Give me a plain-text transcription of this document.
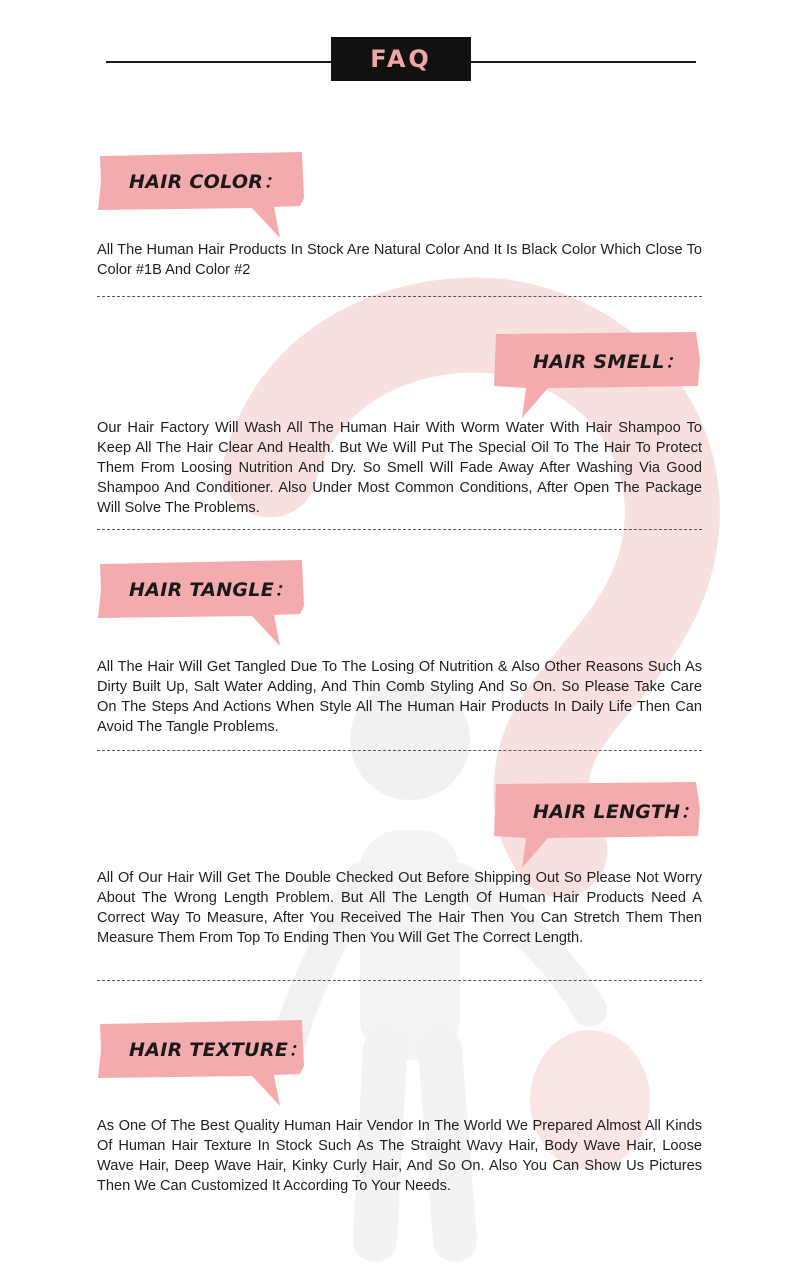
FAQ
HAIR COLOR：

All The Human Hair Products In Stock Are Natural Color And It Is Black Color Which Close To Color #1B And Color #2

HAIR SMELL：

Our Hair Factory Will Wash All The Human Hair With Worm Water With Hair Shampoo To Keep All The Hair Clear And Health. But We Will Put The Special Oil To The Hair To Protect Them From Loosing Nutrition And Dry. So Smell Will Fade Away After Washing Via Good Shampoo And Conditioner. Also Under Most Common Conditions, After Open The Package Will Solve The Problems.

HAIR TANGLE：

All The Hair Will Get Tangled Due To The Losing Of Nutrition & Also Other Reasons Such As Dirty Built Up, Salt Water Adding, And Thin Comb Styling And So On. So Please Take Care On The Steps And Actions When Style All The Human Hair Products In Daily Life Then Can Avoid The Tangle Problems.

HAIR LENGTH：

All Of Our Hair Will Get The Double Checked Out Before Shipping Out So Please Not Worry About The Wrong Length Problem. But All The Length Of Human Hair Products Need A Correct Way To Measure, After You Received The Hair Then You Can Stretch Them Then Measure Them From Top To Ending Then You Will Get The Correct Length.

HAIR TEXTURE：

As One Of The Best Quality Human Hair Vendor In The World We Prepared Almost All Kinds Of Human Hair Texture In Stock Such As The Straight Wavy Hair, Body Wave Hair, Loose Wave Hair, Deep Wave Hair, Kinky Curly Hair, And So On. Also You Can Show Us Pictures Then We Can Customized It According To Your Needs.
